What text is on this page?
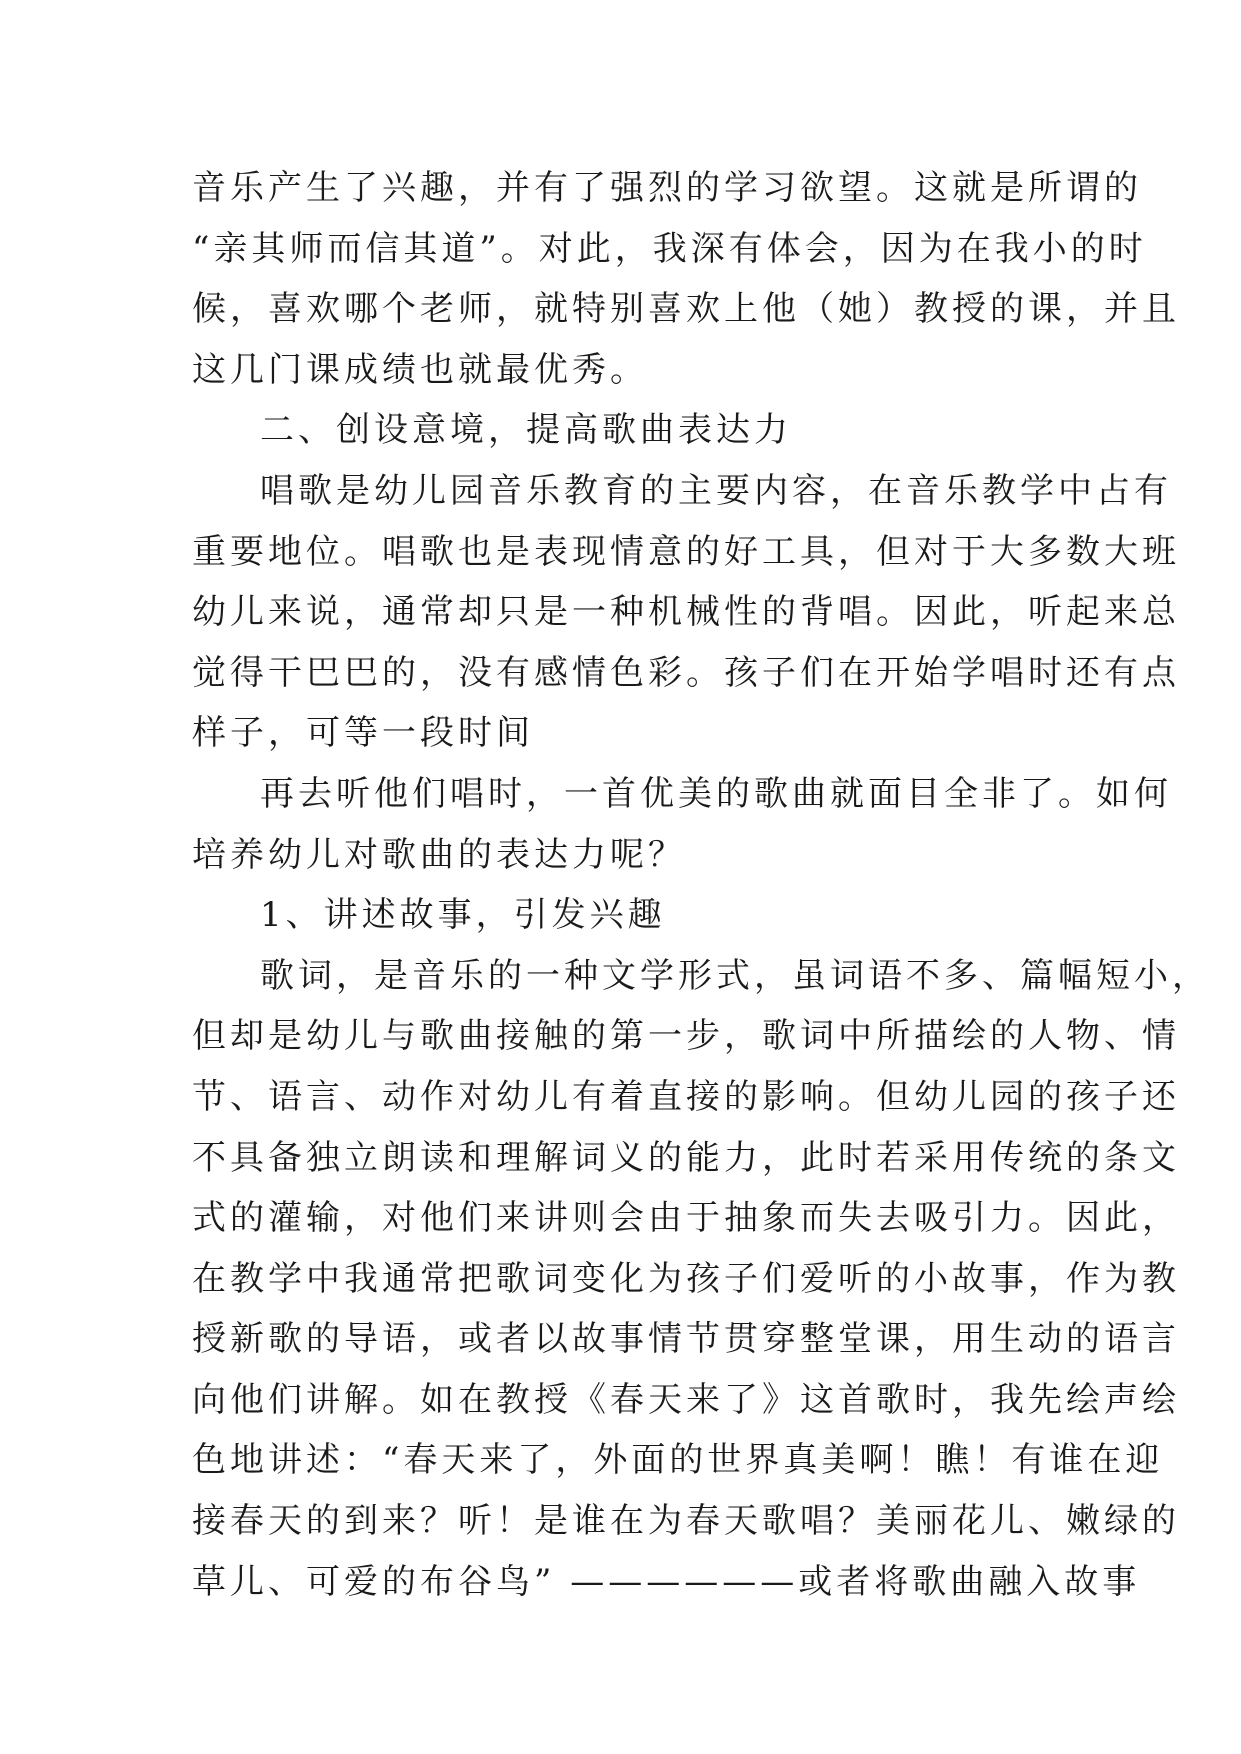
音乐产生了兴趣，并有了强烈的学习欲望。这就是所谓的
“亲其师而信其道”。对此，我深有体会，因为在我小的时
候，喜欢哪个老师，就特别喜欢上他（她）教授的课，并且
这几门课成绩也就最优秀。
二、创设意境，提高歌曲表达力
唱歌是幼儿园音乐教育的主要内容，在音乐教学中占有
重要地位。唱歌也是表现情意的好工具，但对于大多数大班
幼儿来说，通常却只是一种机械性的背唱。因此，听起来总
觉得干巴巴的，没有感情色彩。孩子们在开始学唱时还有点
样子，可等一段时间
再去听他们唱时，一首优美的歌曲就面目全非了。如何
培养幼儿对歌曲的表达力呢？
1、讲述故事，引发兴趣
歌词，是音乐的一种文学形式，虽词语不多、篇幅短小，
但却是幼儿与歌曲接触的第一步，歌词中所描绘的人物、情
节、语言、动作对幼儿有着直接的影响。但幼儿园的孩子还
不具备独立朗读和理解词义的能力，此时若采用传统的条文
式的灌输，对他们来讲则会由于抽象而失去吸引力。因此，
在教学中我通常把歌词变化为孩子们爱听的小故事，作为教
授新歌的导语，或者以故事情节贯穿整堂课，用生动的语言
向他们讲解。如在教授《春天来了》这首歌时，我先绘声绘
色地讲述：“春天来了，外面的世界真美啊！瞧！有谁在迎
接春天的到来？听！是谁在为春天歌唱？美丽花儿、嫩绿的
草儿、可爱的布谷鸟” ——————或者将歌曲融入故事
